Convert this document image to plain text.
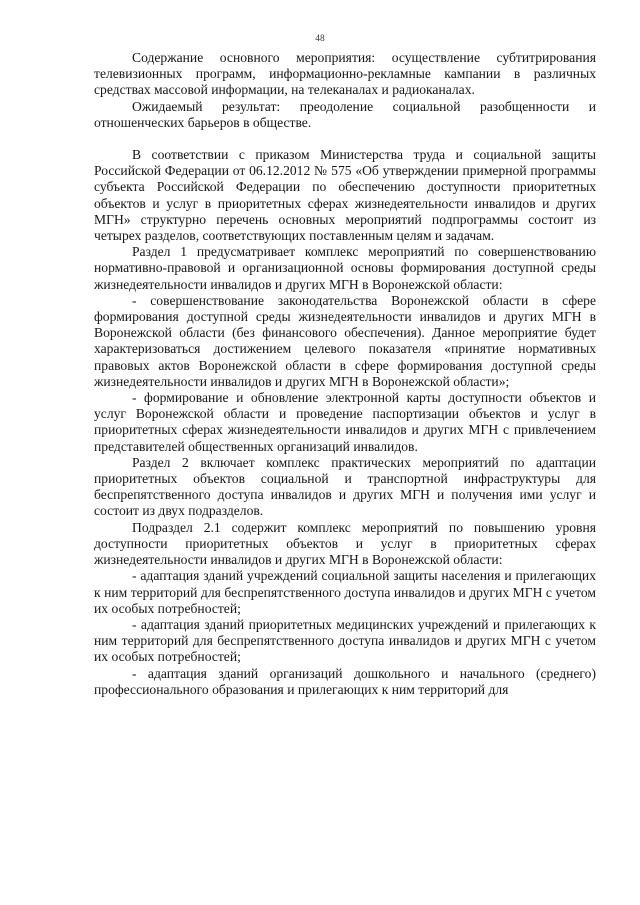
48

Содержание основного мероприятия: осуществление субтитрирования телевизионных программ, информационно-рекламные кампании в различных средствах массовой информации, на телеканалах и радиоканалах.

Ожидаемый результат: преодоление социальной разобщенности и отношенческих барьеров в обществе.

В соответствии с приказом Министерства труда и социальной защиты Российской Федерации от 06.12.2012 № 575 «Об утверждении примерной программы субъекта Российской Федерации по обеспечению доступности приоритетных объектов и услуг в приоритетных сферах жизнедеятельности инвалидов и других МГН» структурно перечень основных мероприятий подпрограммы состоит из четырех разделов, соответствующих поставленным целям и задачам.

Раздел 1 предусматривает комплекс мероприятий по совершенствованию нормативно-правовой и организационной основы формирования доступной среды жизнедеятельности инвалидов и других МГН в Воронежской области:

- совершенствование законодательства Воронежской области в сфере формирования доступной среды жизнедеятельности инвалидов и других МГН в Воронежской области (без финансового обеспечения). Данное мероприятие будет характеризоваться достижением целевого показателя «принятие нормативных правовых актов Воронежской области в сфере формирования доступной среды жизнедеятельности инвалидов и других МГН в Воронежской области»;

- формирование и обновление электронной карты доступности объектов и услуг Воронежской области и проведение паспортизации объектов и услуг в приоритетных сферах жизнедеятельности инвалидов и других МГН с привлечением представителей общественных организаций инвалидов.

Раздел 2 включает комплекс практических мероприятий по адаптации приоритетных объектов социальной и транспортной инфраструктуры для беспрепятственного доступа инвалидов и других МГН и получения ими услуг и состоит из двух подразделов.

Подраздел 2.1 содержит комплекс мероприятий по повышению уровня доступности приоритетных объектов и услуг в приоритетных сферах жизнедеятельности инвалидов и других МГН в Воронежской области:

- адаптация зданий учреждений социальной защиты населения и прилегающих к ним территорий для беспрепятственного доступа инвалидов и других МГН с учетом их особых потребностей;

- адаптация зданий приоритетных медицинских учреждений и прилегающих к ним территорий для беспрепятственного доступа инвалидов и других МГН с учетом их особых потребностей;

- адаптация зданий организаций дошкольного и начального (среднего) профессионального образования и прилегающих к ним территорий для
